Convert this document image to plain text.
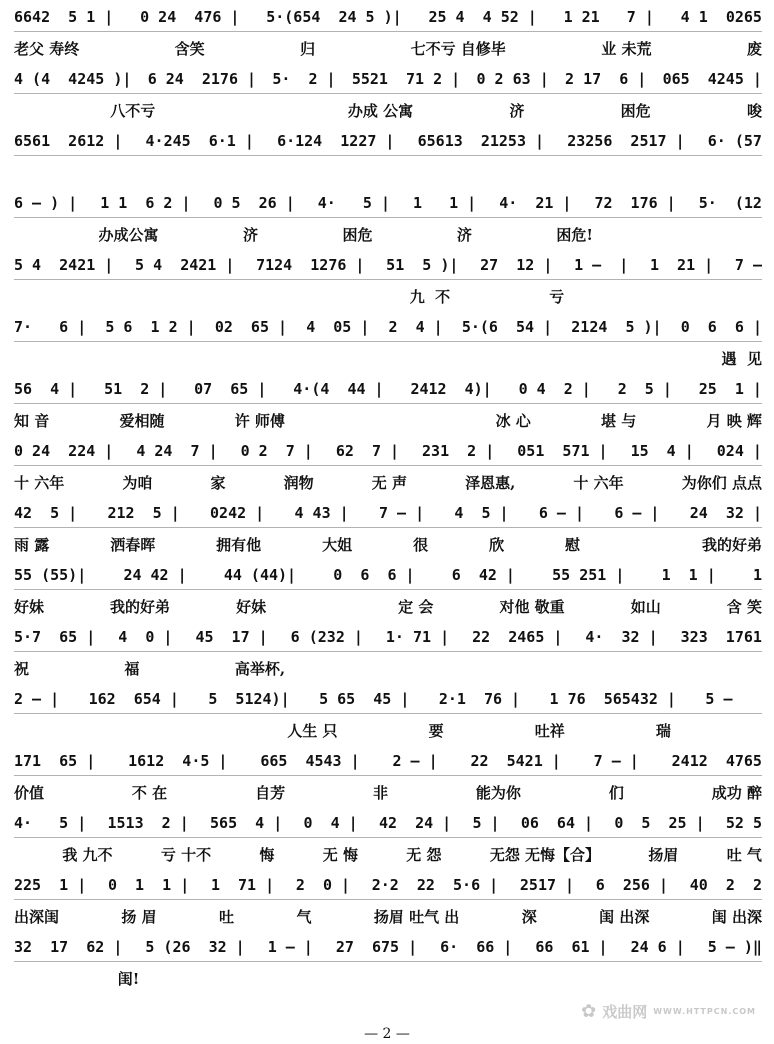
6642  5 1 | 0 24  476 | 5·(654  24 5 )| 25 4  4 52 | 1 21   7 | 4 1  0265
老父 寿终	含笑	归	七不亏 自修毕	业 未荒	废
4 (4  4245 )| 6 24  2176 | 5·  2 | 5521  71 2 | 0 2 63 | 2 17  6 | 065  4245 |
八不亏	办成 公寓	济	困危	唆
6561  2612 | 4·245  6·1 | 6·124  1227 | 65613  21253 | 23256  2517 | 6· (57
6 — ) | 1 1  6 2 | 0 5  26 | 4·   5 | 1   1 | 4·  21 | 72  176 | 5·  (12
办成公寓	济	困危	济	困危!
5 4  2421 | 5 4  2421 | 7124  1276 | 51  5 )| 27  12 | 1 —  | 1  21 | 7 —
九  不	亏
7·   6 | 5 6  1 2 | 02  65 | 4  05 | 2  4 | 5·(6  54 | 2124  5 )| 0  6  6 |
遇  见
56  4 | 51  2 | 07  65 | 4·(4  44 | 2412  4)| 0 4  2 | 2  5 | 25  1 |
知 音	爱相随	许 师傅	冰 心	堪 与	月 映 辉
0 24  224 | 4 24  7 | 0 2  7 | 62  7 | 231  2 | 051  571 | 15  4 | 024 |
十 六年	为咱	家	润物	无 声	泽恩惠,	十 六年	为你们 点点
42  5 | 212  5 | 0242 | 4 43 | 7 — | 4  5 | 6 — | 6 — | 24  32 |
雨 露	洒春晖	拥有他	大姐	很	欣	慰	我的好弟
55 (55)| 24 42 | 44 (44)| 0  6  6 | 6  42 | 55 251 | 1  1 | 1
好妹	我的好弟	好妹	定 会	对他 敬重	如山	含 笑
5·7  65 | 4  0 | 45  17 | 6 (232 | 1· 71 | 22  2465 | 4·  32 | 323  1761
祝	福	高举杯,
2 — | 162  654 | 5  5124)| 5 65  45 | 2·1  76 | 1 76  565432 | 5 —
人生 只	要	吐祥	瑞
171  65 | 1612  4·5 | 665  4543 | 2 — | 22  5421 | 7 — | 2412  4765
价值	不 在	自芳	非	能为你	们	成功 醉
4·   5 | 1513  2 | 565  4 | 0  4 | 42  24 | 5 | 06  64 | 0  5  25 | 52 5
我 九不	亏 十不	悔	无 悔	无 怨	无怨 无悔【合】	扬眉	吐 气
225  1 | 0  1  1 | 1  71 | 2  0 | 2·2  22  5·6 | 2517 | 6  256 | 40  2  2
出深闺	扬 眉	吐	气	扬眉 吐气 出	深	闺 出深	闺 出深
32  17  62 | 5 (26  32 | 1 — | 27  675 | 6·  66 | 66  61 | 24 6 | 5 — )‖
闺!
✿ 戏曲网 WWW.HTTPCN.COM
— 2 —
